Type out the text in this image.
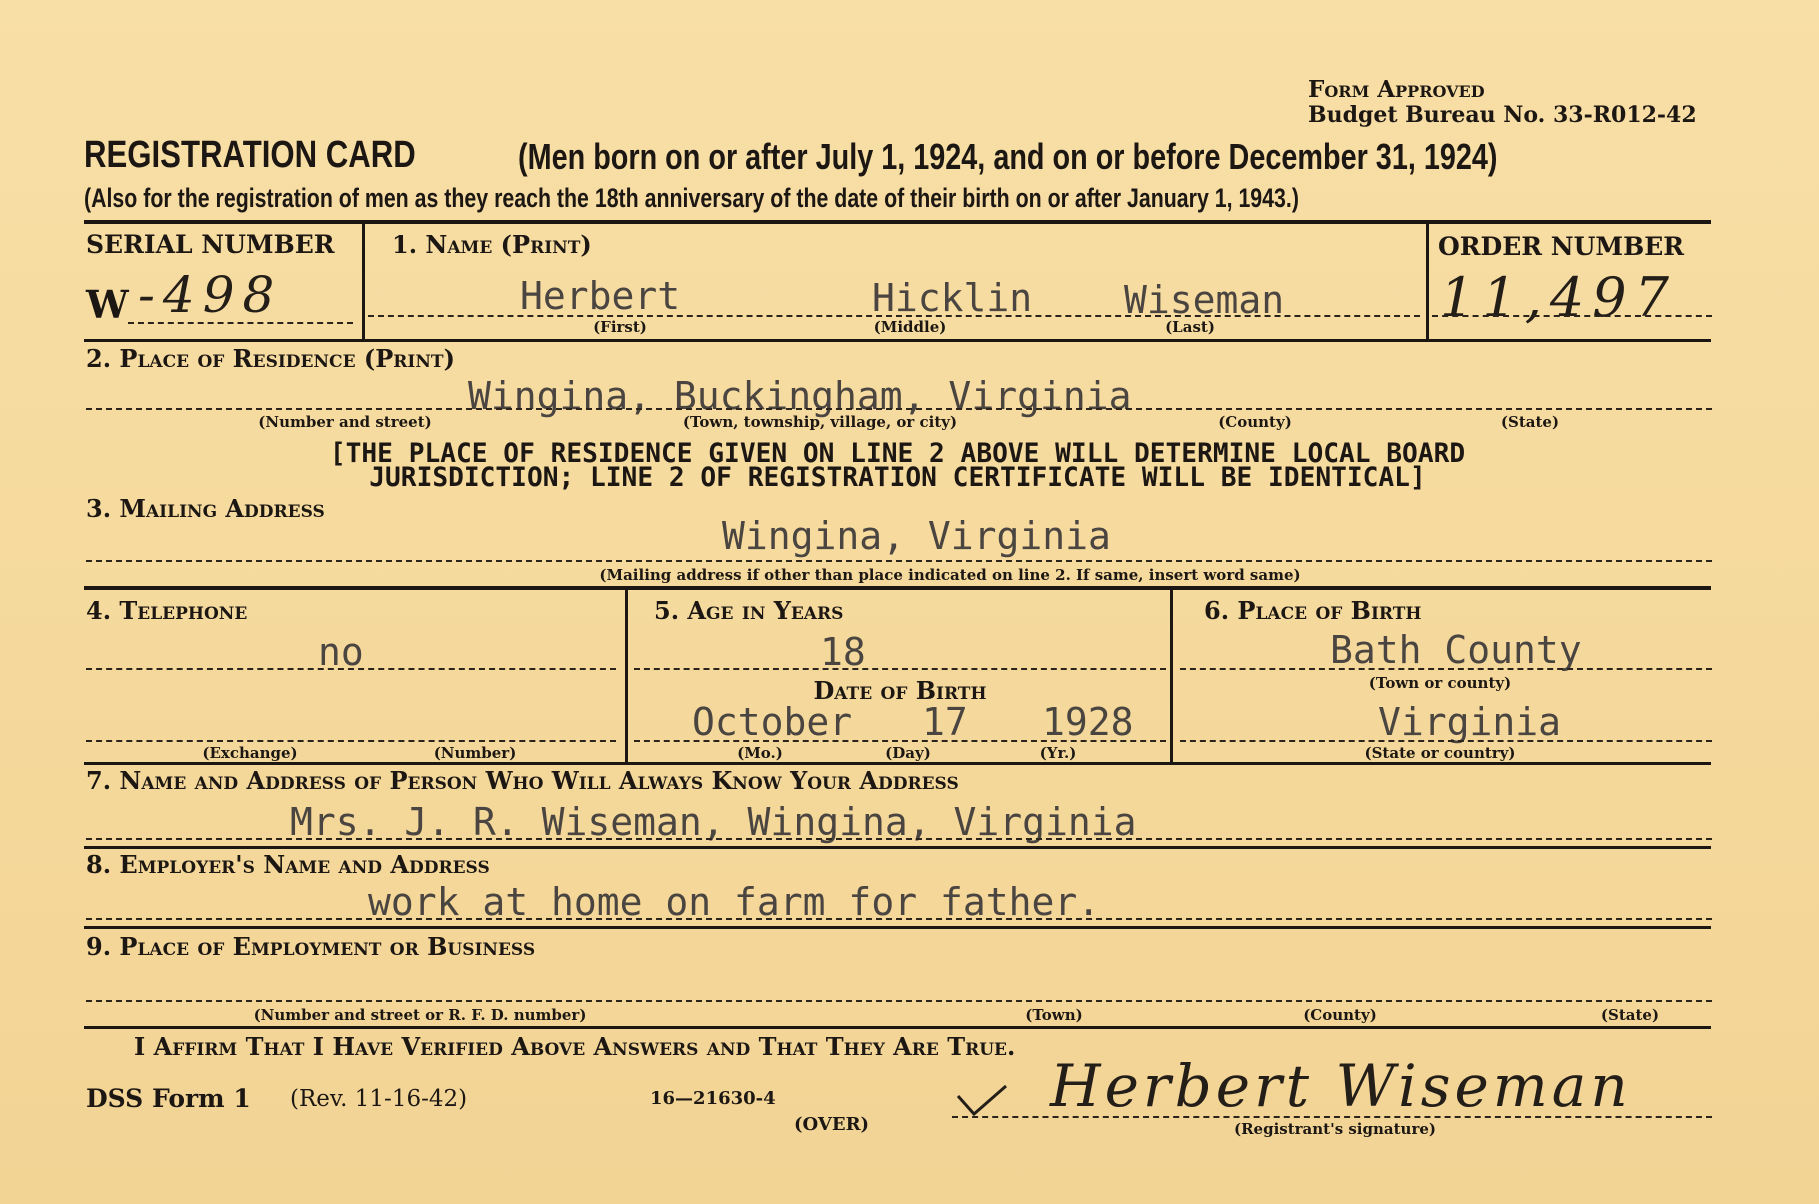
Form Approved
Budget Bureau No. 33-R012-42
REGISTRATION CARD	(Men born on or after July 1, 1924, and on or before December 31, 1924)
(Also for the registration of men as they reach the 18th anniversary of the date of their birth on or after January 1, 1943.)
SERIAL NUMBER
W -498
1. Name (Print)
Herbert	Hicklin Wiseman
(First)	(Middle)	(Last)
ORDER NUMBER
11,497
2. Place of Residence (Print)
Wingina, Buckingham, Virginia
(Number and street)	(Town, township, village, or city)	(County)	(State)
[THE PLACE OF RESIDENCE GIVEN ON LINE 2 ABOVE WILL DETERMINE LOCAL BOARD
JURISDICTION; LINE 2 OF REGISTRATION CERTIFICATE WILL BE IDENTICAL]
3. Mailing Address
Wingina, Virginia
(Mailing address if other than place indicated on line 2. If same, insert word same)
4. Telephone
no
(Exchange)	(Number)
5. Age in Years
18
Date of Birth
October 17 1928
(Mo.)	(Day)	(Yr.)
6. Place of Birth
Bath County
(Town or county)
Virginia
(State or country)
7. Name and Address of Person Who Will Always Know Your Address
Mrs. J. R. Wiseman, Wingina, Virginia
8. Employer's Name and Address
work at home on farm for father.
9. Place of Employment or Business
(Number and street or R. F. D. number)	(Town)	(County)	(State)
I Affirm That I Have Verified Above Answers and That They Are True.
DSS Form 1 (Rev. 11-16-42)	16—21630-4
(OVER)
Herbert Wiseman
(Registrant's signature)
